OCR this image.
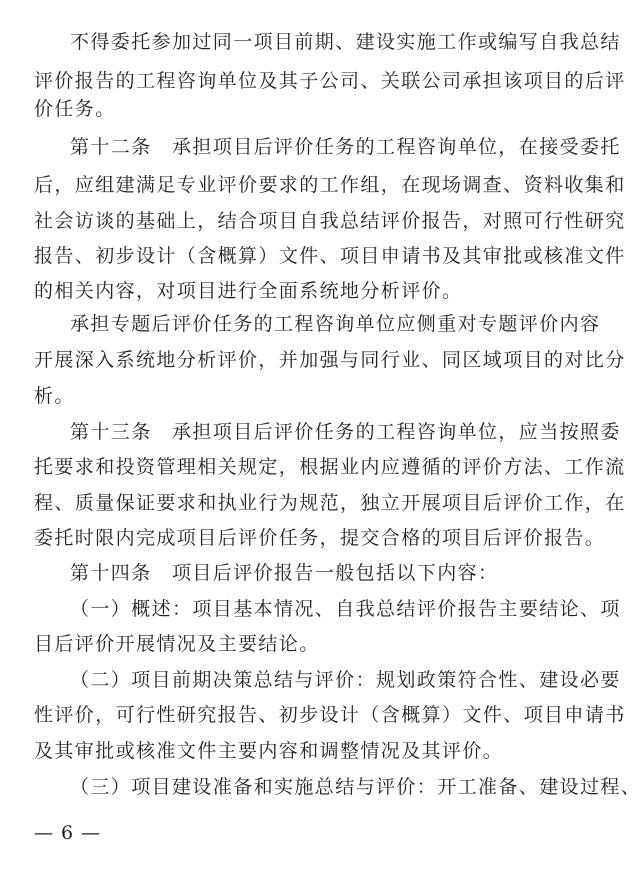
不得委托参加过同一项目前期、建设实施工作或编写自我总结
评价报告的工程咨询单位及其子公司、关联公司承担该项目的后评
价任务。
第十二条　承担项目后评价任务的工程咨询单位，在接受委托
后，应组建满足专业评价要求的工作组，在现场调查、资料收集和
社会访谈的基础上，结合项目自我总结评价报告，对照可行性研究
报告、初步设计（含概算）文件、项目申请书及其审批或核准文件
的相关内容，对项目进行全面系统地分析评价。
承担专题后评价任务的工程咨询单位应侧重对专题评价内容
开展深入系统地分析评价，并加强与同行业、同区域项目的对比分
析。
第十三条　承担项目后评价任务的工程咨询单位，应当按照委
托要求和投资管理相关规定，根据业内应遵循的评价方法、工作流
程、质量保证要求和执业行为规范，独立开展项目后评价工作，在
委托时限内完成项目后评价任务，提交合格的项目后评价报告。
第十四条　项目后评价报告一般包括以下内容：
（一）概述：项目基本情况、自我总结评价报告主要结论、项
目后评价开展情况及主要结论。
（二）项目前期决策总结与评价：规划政策符合性、建设必要
性评价，可行性研究报告、初步设计（含概算）文件、项目申请书
及其审批或核准文件主要内容和调整情况及其评价。
（三）项目建设准备和实施总结与评价：开工准备、建设过程、
— 6 —
